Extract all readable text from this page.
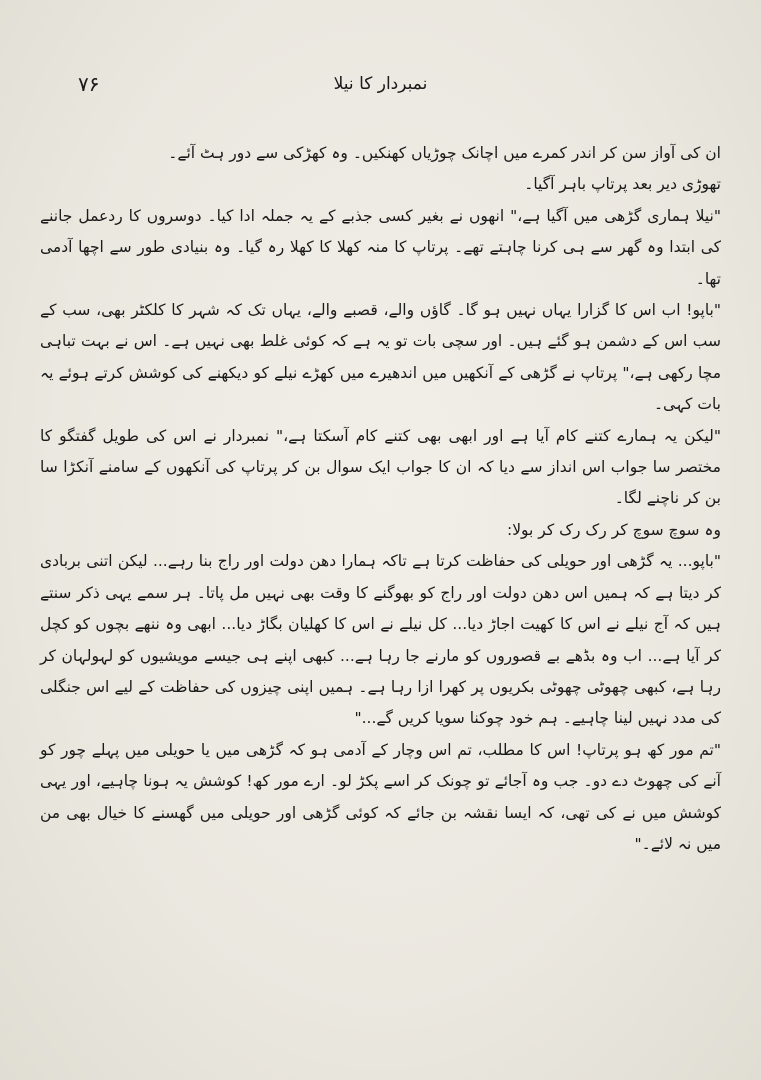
۷۶	نمبردار کا نیلا

ان کی آواز سن کر اندر کمرے میں اچانک چوڑیاں کھنکیں۔ وہ کھڑکی سے دور ہٹ آئے۔

تھوڑی دیر بعد پرتاپ باہر آگیا۔

"نیلا ہماری گڑھی میں آگیا ہے،" انھوں نے بغیر کسی جذبے کے یہ جملہ ادا کیا۔ دوسروں کا ردعمل جاننے کی ابتدا وہ گھر سے ہی کرنا چاہتے تھے۔ پرتاپ کا منہ کھلا کا کھلا رہ گیا۔ وہ بنیادی طور سے اچھا آدمی تھا۔

"باپو! اب اس کا گزارا یہاں نہیں ہو گا۔ گاؤں والے، قصبے والے، یہاں تک کہ شہر کا کلکٹر بھی، سب کے سب اس کے دشمن ہو گئے ہیں۔ اور سچی بات تو یہ ہے کہ کوئی غلط بھی نہیں ہے۔ اس نے بہت تباہی مچا رکھی ہے،" پرتاپ نے گڑھی کے آنکھیں میں اندھیرے میں کھڑے نیلے کو دیکھنے کی کوشش کرتے ہوئے یہ بات کہی۔

"لیکن یہ ہمارے کتنے کام آیا ہے اور ابھی بھی کتنے کام آسکتا ہے،" نمبردار نے اس کی طویل گفتگو کا مختصر سا جواب اس انداز سے دیا کہ ان کا جواب ایک سوال بن کر پرتاپ کی آنکھوں کے سامنے آنکڑا سا بن کر ناچنے لگا۔

وہ سوچ سوچ کر رک رک کر بولا:

"باپو... یہ گڑھی اور حویلی کی حفاظت کرتا ہے تاکہ ہمارا دھن دولت اور راج بنا رہے... لیکن اتنی بربادی کر دیتا ہے کہ ہمیں اس دھن دولت اور راج کو بھوگنے کا وقت بھی نہیں مل پاتا۔ ہر سمے یہی ذکر سنتے ہیں کہ آج نیلے نے اس کا کھیت اجاڑ دیا... کل نیلے نے اس کا کھلیان بگاڑ دیا... ابھی وہ ننھے بچوں کو کچل کر آیا ہے... اب وہ بڈھے بے قصوروں کو مارنے جا رہا ہے... کبھی اپنے ہی جیسے مویشیوں کو لہولہان کر رہا ہے، کبھی چھوٹی چھوٹی بکریوں پر کھرا ازا رہا ہے۔ ہمیں اپنی چیزوں کی حفاظت کے لیے اس جنگلی کی مدد نہیں لینا چاہیے۔ ہم خود چوکنا سویا کریں گے..."

"تم مور کھ ہو پرتاپ! اس کا مطلب، تم اس وچار کے آدمی ہو کہ گڑھی میں یا حویلی میں پہلے چور کو آنے کی چھوٹ دے دو۔ جب وہ آجائے تو چونک کر اسے پکڑ لو۔ ارے مور کھ! کوشش یہ ہونا چاہیے، اور یہی کوشش میں نے کی تھی، کہ ایسا نقشہ بن جائے کہ کوئی گڑھی اور حویلی میں گھسنے کا خیال بھی من میں نہ لائے۔"
